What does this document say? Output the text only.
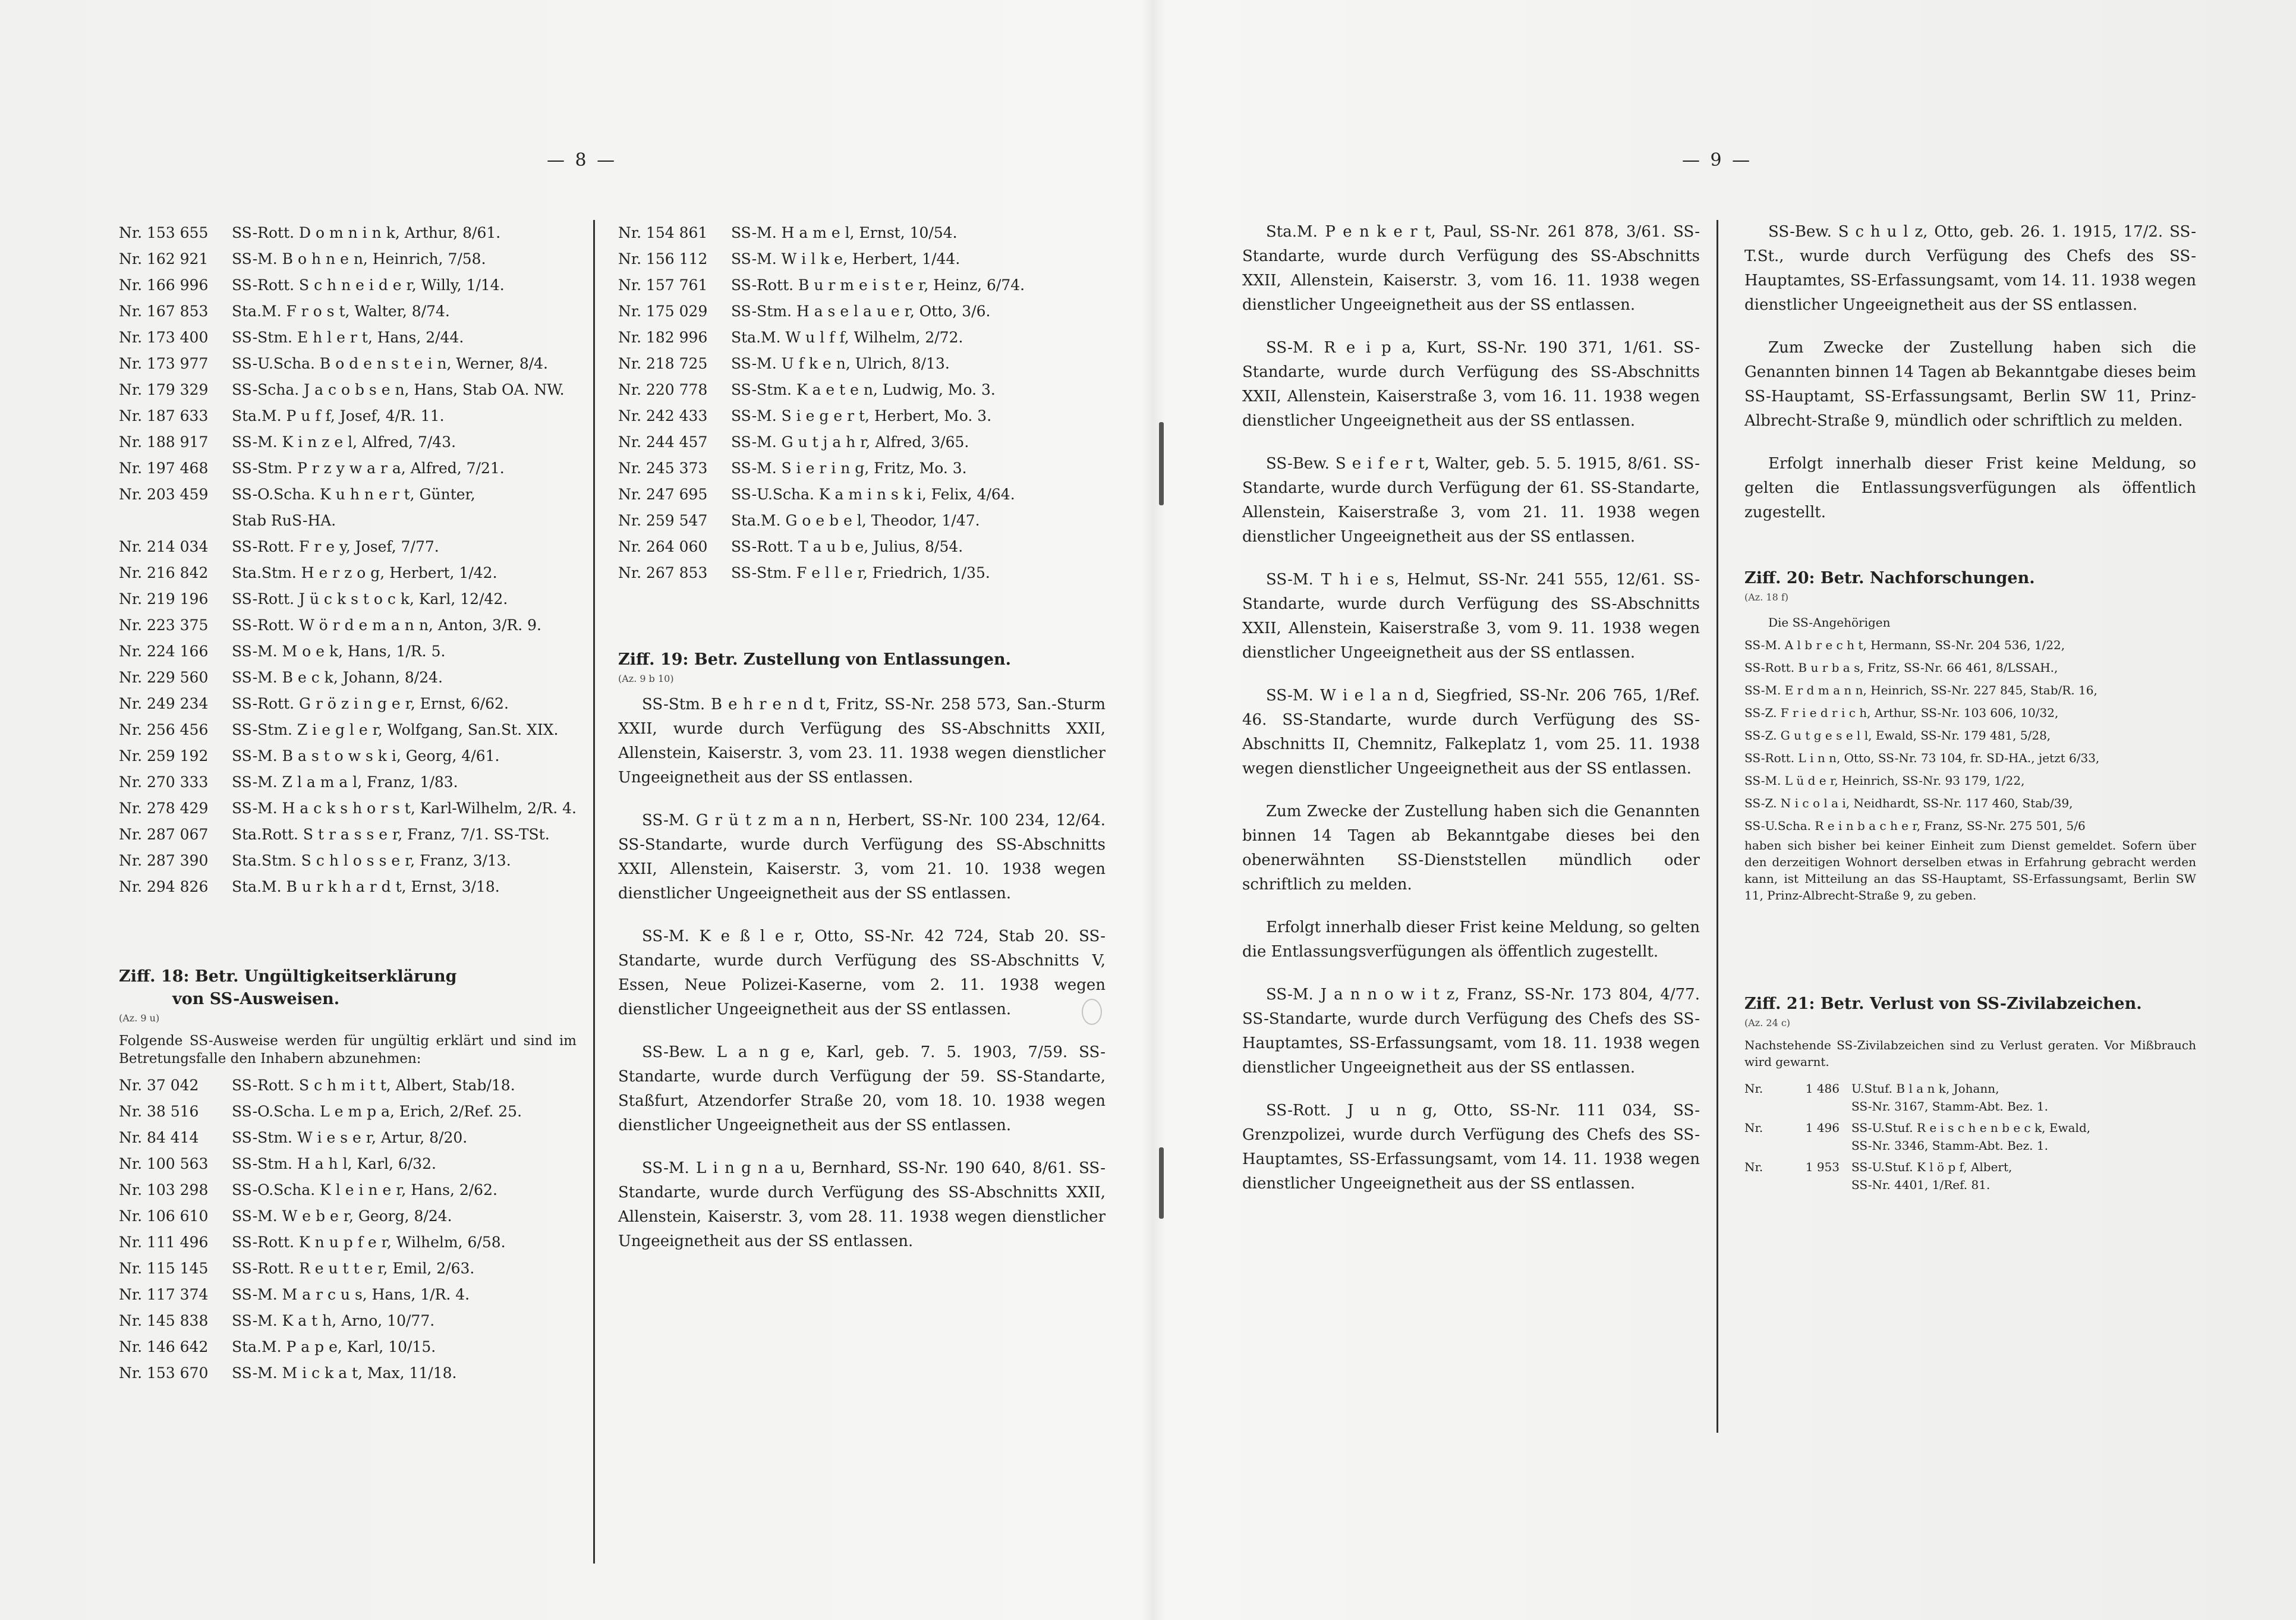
— 8 —	— 9 —
Nr. 153 655	SS-Rott. D o m n i n k, Arthur, 8/61.
Nr. 162 921	SS-M. B o h n e n, Heinrich, 7/58.
Nr. 166 996	SS-Rott. S c h n e i d e r, Willy, 1/14.
Nr. 167 853	Sta.M. F r o s t, Walter, 8/74.
Nr. 173 400	SS-Stm. E h l e r t, Hans, 2/44.
Nr. 173 977	SS-U.Scha. B o d e n s t e i n, Werner, 8/4.
Nr. 179 329	SS-Scha. J a c o b s e n, Hans, Stab OA. NW.
Nr. 187 633	Sta.M. P u f f, Josef, 4/R. 11.
Nr. 188 917	SS-M. K i n z e l, Alfred, 7/43.
Nr. 197 468	SS-Stm. P r z y w a r a, Alfred, 7/21.
Nr. 203 459	SS-O.Scha. K u h n e r t, Günter,
Stab RuS-HA.
Nr. 214 034	SS-Rott. F r e y, Josef, 7/77.
Nr. 216 842	Sta.Stm. H e r z o g, Herbert, 1/42.
Nr. 219 196	SS-Rott. J ü c k s t o c k, Karl, 12/42.
Nr. 223 375	SS-Rott. W ö r d e m a n n, Anton, 3/R. 9.
Nr. 224 166	SS-M. M o e k, Hans, 1/R. 5.
Nr. 229 560	SS-M. B e c k, Johann, 8/24.
Nr. 249 234	SS-Rott. G r ö z i n g e r, Ernst, 6/62.
Nr. 256 456	SS-Stm. Z i e g l e r, Wolfgang, San.St. XIX.
Nr. 259 192	SS-M. B a s t o w s k i, Georg, 4/61.
Nr. 270 333	SS-M. Z l a m a l, Franz, 1/83.
Nr. 278 429	SS-M. H a c k s h o r s t, Karl-Wilhelm, 2/R. 4.
Nr. 287 067	Sta.Rott. S t r a s s e r, Franz, 7/1. SS-TSt.
Nr. 287 390	Sta.Stm. S c h l o s s e r, Franz, 3/13.
Nr. 294 826	Sta.M. B u r k h a r d t, Ernst, 3/18.
Ziff. 18: Betr. Ungültigkeitserklärung
von SS-Ausweisen.
(Az. 9 u)
Folgende SS-Ausweise werden für ungültig erklärt und sind im Betretungsfalle den Inhabern abzunehmen:
Nr. 37 042	SS-Rott. S c h m i t t, Albert, Stab/18.
Nr. 38 516	SS-O.Scha. L e m p a, Erich, 2/Ref. 25.
Nr. 84 414	SS-Stm. W i e s e r, Artur, 8/20.
Nr. 100 563	SS-Stm. H a h l, Karl, 6/32.
Nr. 103 298	SS-O.Scha. K l e i n e r, Hans, 2/62.
Nr. 106 610	SS-M. W e b e r, Georg, 8/24.
Nr. 111 496	SS-Rott. K n u p f e r, Wilhelm, 6/58.
Nr. 115 145	SS-Rott. R e u t t e r, Emil, 2/63.
Nr. 117 374	SS-M. M a r c u s, Hans, 1/R. 4.
Nr. 145 838	SS-M. K a t h, Arno, 10/77.
Nr. 146 642	Sta.M. P a p e, Karl, 10/15.
Nr. 153 670	SS-M. M i c k a t, Max, 11/18.
Nr. 154 861	SS-M. H a m e l, Ernst, 10/54.
Nr. 156 112	SS-M. W i l k e, Herbert, 1/44.
Nr. 157 761	SS-Rott. B u r m e i s t e r, Heinz, 6/74.
Nr. 175 029	SS-Stm. H a s e l a u e r, Otto, 3/6.
Nr. 182 996	Sta.M. W u l f f, Wilhelm, 2/72.
Nr. 218 725	SS-M. U f k e n, Ulrich, 8/13.
Nr. 220 778	SS-Stm. K a e t e n, Ludwig, Mo. 3.
Nr. 242 433	SS-M. S i e g e r t, Herbert, Mo. 3.
Nr. 244 457	SS-M. G u t j a h r, Alfred, 3/65.
Nr. 245 373	SS-M. S i e r i n g, Fritz, Mo. 3.
Nr. 247 695	SS-U.Scha. K a m i n s k i, Felix, 4/64.
Nr. 259 547	Sta.M. G o e b e l, Theodor, 1/47.
Nr. 264 060	SS-Rott. T a u b e, Julius, 8/54.
Nr. 267 853	SS-Stm. F e l l e r, Friedrich, 1/35.
Ziff. 19: Betr. Zustellung von Entlassungen.
(Az. 9 b 10)

SS-Stm. B e h r e n d t, Fritz, SS-Nr. 258 573, San.-Sturm XXII, wurde durch Verfügung des SS-Abschnitts XXII, Allenstein, Kaiserstr. 3, vom 23. 11. 1938 wegen dienstlicher Ungeeignetheit aus der SS entlassen.

SS-M. G r ü t z m a n n, Herbert, SS-Nr. 100 234, 12/64. SS-Standarte, wurde durch Verfügung des SS-Abschnitts XXII, Allenstein, Kaiserstr. 3, vom 21. 10. 1938 wegen dienstlicher Ungeeignetheit aus der SS entlassen.

SS-M. K e ß l e r, Otto, SS-Nr. 42 724, Stab 20. SS-Standarte, wurde durch Verfügung des SS-Abschnitts V, Essen, Neue Polizei-Kaserne, vom 2. 11. 1938 wegen dienstlicher Ungeeignetheit aus der SS entlassen.

SS-Bew. L a n g e, Karl, geb. 7. 5. 1903, 7/59. SS-Standarte, wurde durch Verfügung der 59. SS-Standarte, Staßfurt, Atzendorfer Straße 20, vom 18. 10. 1938 wegen dienstlicher Ungeeignetheit aus der SS entlassen.

SS-M. L i n g n a u, Bernhard, SS-Nr. 190 640, 8/61. SS-Standarte, wurde durch Verfügung des SS-Abschnitts XXII, Allenstein, Kaiserstr. 3, vom 28. 11. 1938 wegen dienstlicher Ungeeignetheit aus der SS entlassen.

Sta.M. P e n k e r t, Paul, SS-Nr. 261 878, 3/61. SS-Standarte, wurde durch Verfügung des SS-Abschnitts XXII, Allenstein, Kaiserstr. 3, vom 16. 11. 1938 wegen dienstlicher Ungeeignetheit aus der SS entlassen.

SS-M. R e i p a, Kurt, SS-Nr. 190 371, 1/61. SS-Standarte, wurde durch Verfügung des SS-Abschnitts XXII, Allenstein, Kaiserstraße 3, vom 16. 11. 1938 wegen dienstlicher Ungeeignetheit aus der SS entlassen.

SS-Bew. S e i f e r t, Walter, geb. 5. 5. 1915, 8/61. SS-Standarte, wurde durch Verfügung der 61. SS-Standarte, Allenstein, Kaiserstraße 3, vom 21. 11. 1938 wegen dienstlicher Ungeeignetheit aus der SS entlassen.

SS-M. T h i e s, Helmut, SS-Nr. 241 555, 12/61. SS-Standarte, wurde durch Verfügung des SS-Abschnitts XXII, Allenstein, Kaiserstraße 3, vom 9. 11. 1938 wegen dienstlicher Ungeeignetheit aus der SS entlassen.

SS-M. W i e l a n d, Siegfried, SS-Nr. 206 765, 1/Ref. 46. SS-Standarte, wurde durch Verfügung des SS-Abschnitts II, Chemnitz, Falkeplatz 1, vom 25. 11. 1938 wegen dienstlicher Ungeeignetheit aus der SS entlassen.

Zum Zwecke der Zustellung haben sich die Genannten binnen 14 Tagen ab Bekanntgabe dieses bei den obenerwähnten SS-Dienststellen mündlich oder schriftlich zu melden.

Erfolgt innerhalb dieser Frist keine Meldung, so gelten die Entlassungsverfügungen als öffentlich zugestellt.

SS-M. J a n n o w i t z, Franz, SS-Nr. 173 804, 4/77. SS-Standarte, wurde durch Verfügung des Chefs des SS-Hauptamtes, SS-Erfassungsamt, vom 18. 11. 1938 wegen dienstlicher Ungeeignetheit aus der SS entlassen.

SS-Rott. J u n g, Otto, SS-Nr. 111 034, SS-Grenzpolizei, wurde durch Verfügung des Chefs des SS-Hauptamtes, SS-Erfassungsamt, vom 14. 11. 1938 wegen dienstlicher Ungeeignetheit aus der SS entlassen.

SS-Bew. S c h u l z, Otto, geb. 26. 1. 1915, 17/2. SS-T.St., wurde durch Verfügung des Chefs des SS-Hauptamtes, SS-Erfassungsamt, vom 14. 11. 1938 wegen dienstlicher Ungeeignetheit aus der SS entlassen.

Zum Zwecke der Zustellung haben sich die Genannten binnen 14 Tagen ab Bekanntgabe dieses beim SS-Hauptamt, SS-Erfassungsamt, Berlin SW 11, Prinz-Albrecht-Straße 9, mündlich oder schriftlich zu melden.

Erfolgt innerhalb dieser Frist keine Meldung, so gelten die Entlassungsverfügungen als öffentlich zugestellt.

Ziff. 20: Betr. Nachforschungen.
(Az. 18 f)
Die SS-Angehörigen
SS-M. A l b r e c h t, Hermann, SS-Nr. 204 536, 1/22,
SS-Rott. B u r b a s, Fritz, SS-Nr. 66 461, 8/LSSAH.,
SS-M. E r d m a n n, Heinrich, SS-Nr. 227 845, Stab/R. 16,
SS-Z. F r i e d r i c h, Arthur, SS-Nr. 103 606, 10/32,
SS-Z. G u t g e s e l l, Ewald, SS-Nr. 179 481, 5/28,
SS-Rott. L i n n, Otto, SS-Nr. 73 104, fr. SD-HA., jetzt 6/33,
SS-M. L ü d e r, Heinrich, SS-Nr. 93 179, 1/22,
SS-Z. N i c o l a i, Neidhardt, SS-Nr. 117 460, Stab/39,
SS-U.Scha. R e i n b a c h e r, Franz, SS-Nr. 275 501, 5/6
haben sich bisher bei keiner Einheit zum Dienst gemeldet. Sofern über den derzeitigen Wohnort derselben etwas in Erfahrung gebracht werden kann, ist Mitteilung an das SS-Hauptamt, SS-Erfassungsamt, Berlin SW 11, Prinz-Albrecht-Straße 9, zu geben.
Ziff. 21: Betr. Verlust von SS-Zivilabzeichen.
(Az. 24 c)
Nachstehende SS-Zivilabzeichen sind zu Verlust geraten. Vor Mißbrauch wird gewarnt.
Nr.	1 486	U.Stuf. B l a n k, Johann,
SS-Nr. 3167, Stamm-Abt. Bez. 1.
Nr.	1 496	SS-U.Stuf. R e i s c h e n b e c k, Ewald,
SS-Nr. 3346, Stamm-Abt. Bez. 1.
Nr.	1 953	SS-U.Stuf. K l ö p f, Albert,
SS-Nr. 4401, 1/Ref. 81.
